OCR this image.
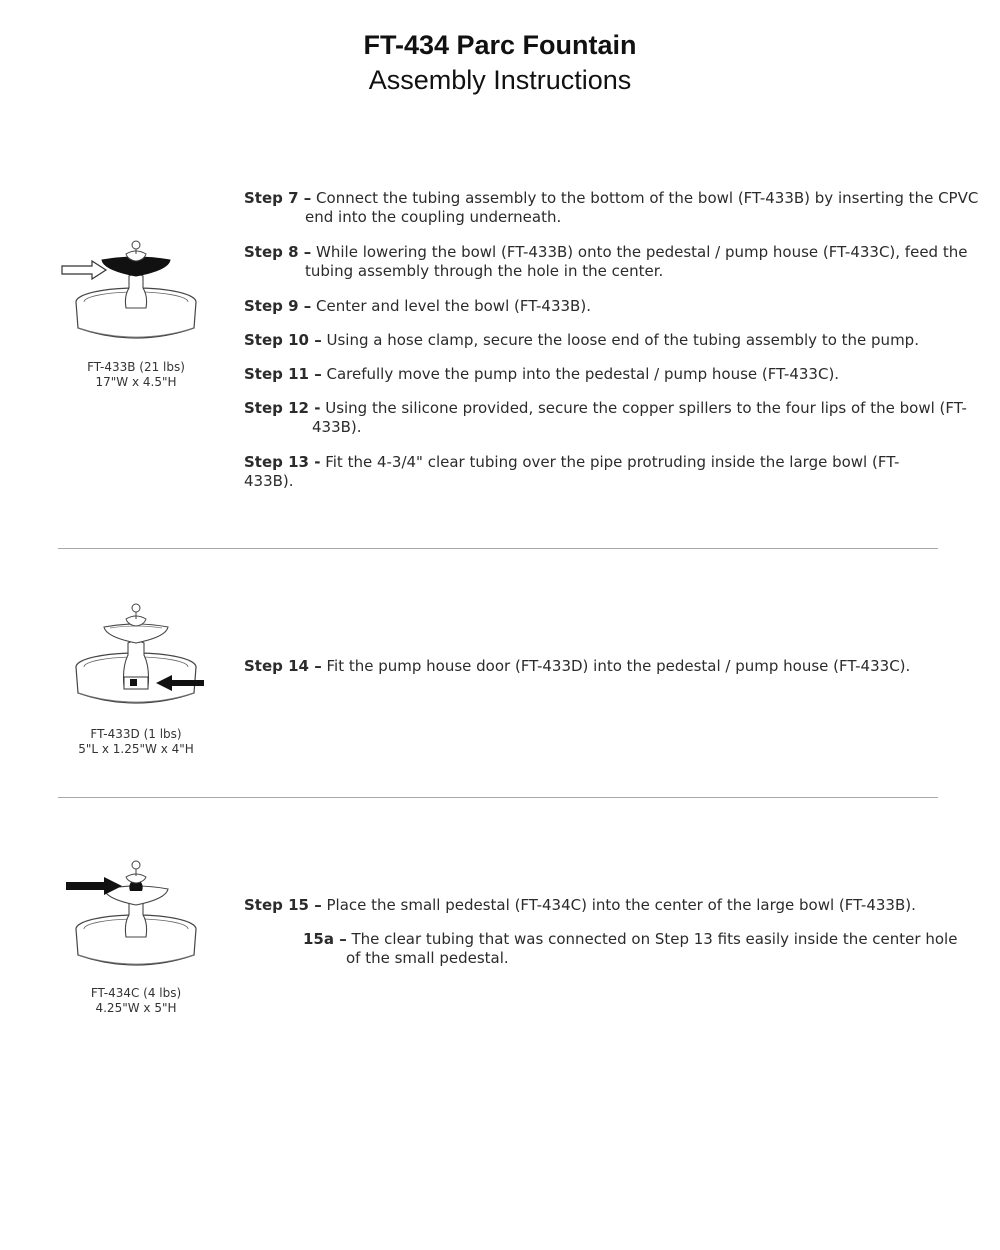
FT-434 Parc Fountain
Assembly Instructions
FT-433B (21 lbs)
17"W x 4.5"H
Step 7 – Connect the tubing assembly to the bottom of the bowl (FT-433B) by inserting the CPVC end into the coupling underneath.
Step 8 – While lowering the bowl (FT-433B) onto the pedestal / pump house (FT-433C), feed the tubing assembly through the hole in the center.
Step 9 – Center and level the bowl (FT-433B).
Step 10 – Using a hose clamp, secure the loose end of the tubing assembly to the pump.
Step 11 – Carefully move the pump into the pedestal / pump house (FT-433C).
Step 12 - Using the silicone provided, secure the copper spillers to the four lips of the bowl (FT-433B).
Step 13 - Fit the 4-3/4" clear tubing over the pipe protruding inside the large bowl (FT-433B).
FT-433D (1 lbs)
5"L x 1.25"W x 4"H
Step 14 – Fit the pump house door (FT-433D) into the pedestal / pump house (FT-433C).
FT-434C (4 lbs)
4.25"W x 5"H
Step 15 – Place the small pedestal (FT-434C) into the center of the large bowl (FT-433B).
15a – The clear tubing that was connected on Step 13 fits easily inside the center hole of the small pedestal.
